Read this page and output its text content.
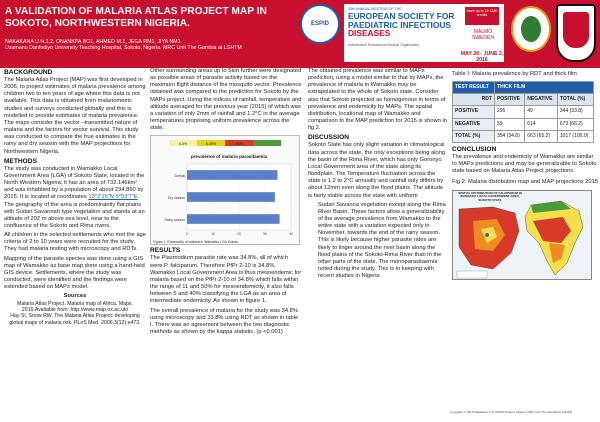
A VALIDATION OF MALARIA ATLAS PROJECT MAP IN SOKOTO, NORTHWESTERN NIGERIA.
NAKAKANA U.N.1,2, ONANKPA BO1, AHMED M.1, JEGA RM1, JIYA NM1.
Usumanu Danfodiyo University Teaching Hospital, Sokoto, Nigeria. MRC Unit The Gambia at LSHTM
ESPID
35th ANNUAL MEETING OF THE
EUROPEAN SOCIETY FOR
PAEDIATRIC INFECTIOUS
DISEASES
Independent Professional Medical Organisation
Save up to 15 CME credits
MALMÖ
SWEDEN
MAY 28 - JUNE 2, 2016
BACKGROUND

The Malaria Atlas Project (MAP) was first developed in 2006, to project estimates of malaria prevalence among children two to ten years of age where this data is not available. This data is obtained from malariometric studies and surveys conducted globally and this is modelled to provide estimates of malaria prevalence. The maps consider the vector –transmitted nature of malaria and the factors for vector survival. This study was conducted to compare the true estimates in the rainy and dry season with the MAP projections for Northwestern Nigeria.

METHODS

The study was conducted in Wamakko Local Government Area (LGA) of Sokoto State, located in the North Western Nigeria; it has an area of 732.146km² and was inhabited by a population of about 234,860 by 2015. It is located at coordinates 13°2′16″N 5°53′7″E. The geography of the area is predominantly flat plains with Sudan Savannah type vegetation and stands at an altitude of 292 m above sea level, near to the confluence of the Sokoto and Rima rivers.

All children in the selected settlements who met the age criteria of 2 to 10 years were recruited for the study. They had malaria testing with microscopy and RDTs.

Mapping of the parasite species was done using a GIS map of Wamakko as base map done using a hand-held GIS device. Settlements, where the study was conducted, were identified and the findings were extended based on MAPs model.

Sources
Malaria Atlas Project. Malaria map of Africa. Maps. 2016.Available from: http://www.map.ox.ac.uk/
Hay SI, Snow RW. The Malaria Atlas Project: developing global maps of malaria risk. PLoS Med. 2006;3(12):e473.

Other surrounding areas up to 5km further were designated as possible areas of parasite activity based on the maximum flight distance of the mosquito vector. Prevalence obtained was compared to the prediction for Sokoto by the MAPs project. Using the indices of rainfall, temperature and altitude averaged for the previous year (2015) of which was a variation of only 2mm of rainfall and 1.2°C in the average temperatures proposing uniform prevalence across the state.

0-5%	5-40%	>40%
prevalence of malaria parasitaemia
0	10	20	30	40
Overall
Dry season
Rainy season
Figure 1: Endemicity of malaria in Wamakko LGA Sokoto
RESULTS

The Plasmodium parasite rate was 34.8%, all of which were P. falciparum. Therefore PfPr 2-10 is 34.8%. Wamakko Local Government Area is thus mesoendemic for malaria based on the PfPr 2-10 of 34.8% which falls within the range of 11 and 50% for mesoendemicity, it also falls between 5 and 40% classifying the LGA as an area of intermediate endemicity. As shown in figure 1.

The overall prevalence of malaria for the study was 34.8% using microscopy and 33.8% using RDT as shown in table I. There was an agreement between the two diagnostic methods as shown by the kappa statistic. (p <0.001)

The obtained prevalence was similar to MAPs prediction, using a model similar to that by MAPs, the prevalence of malaria in Wamakko may be extrapolated to the whole of Sokoto state. Consider also that Sokoto projected as homogenous in terms of prevalence and endemicity by MAPs. The spatial distribution, locational map of Wamakko and comparison to the MAP prediction for 2015 is shown in fig 2.

DISCUSSION

Sokoto State has only slight variation in climatological data across the state, the only exceptions being along the basin of the Rima River, which has only Goronyo Local Government area of the state along its floodplain. The Temperature fluctuation across the state is 1.2 to 2°C annually and rainfall only differs by about 12mm even along the flood plains. The altitude is fairly stable across the state with uniform

Sudan Savanna vegetation except along the Rima River Basin. These factors allow a generalizability of the average prevalence from Wamakko to the entire state with a variation expected only in November, towards the end of the rainy season. This is likely because higher parasite rates are likely to linger around the river basin along the flood plains of the Sokoto-Rima River than in the other parts of the state. The monoparasitaemia noted during the study. This is in keeping with recent studies in Nigeria

Table I: Malaria prevalence by RDT and thick film

TEST RESULT	THICK FILM		
RDT	POSITIVE	NEGATIVE	TOTAL (%)
POSITIVE	295	49	344 (33.8)
NEGATIVE	59	614	673 (66.2)
TOTAL (%)	354 (34.8)	663 (65.2)	1017 (100.0)
CONCLUSION

The prevalence and endemicity of Wamakko are similar to MAPs predictions and may be generalizable to Sokoto state based on Malaria Atlas Project projections.

Fig 2: Malaria distribution map and MAP projections 2015

SPATIAL DISTRIBUTION OF FALCIPARUM IN WAMAKKO LOCAL GOVERNMENT AREA, SOKOTO STATE
Copyright © 2016 Nakakana U.N. ESPID Sokoto, Nigeria. MRC Unit The Gambia at LSHTM
